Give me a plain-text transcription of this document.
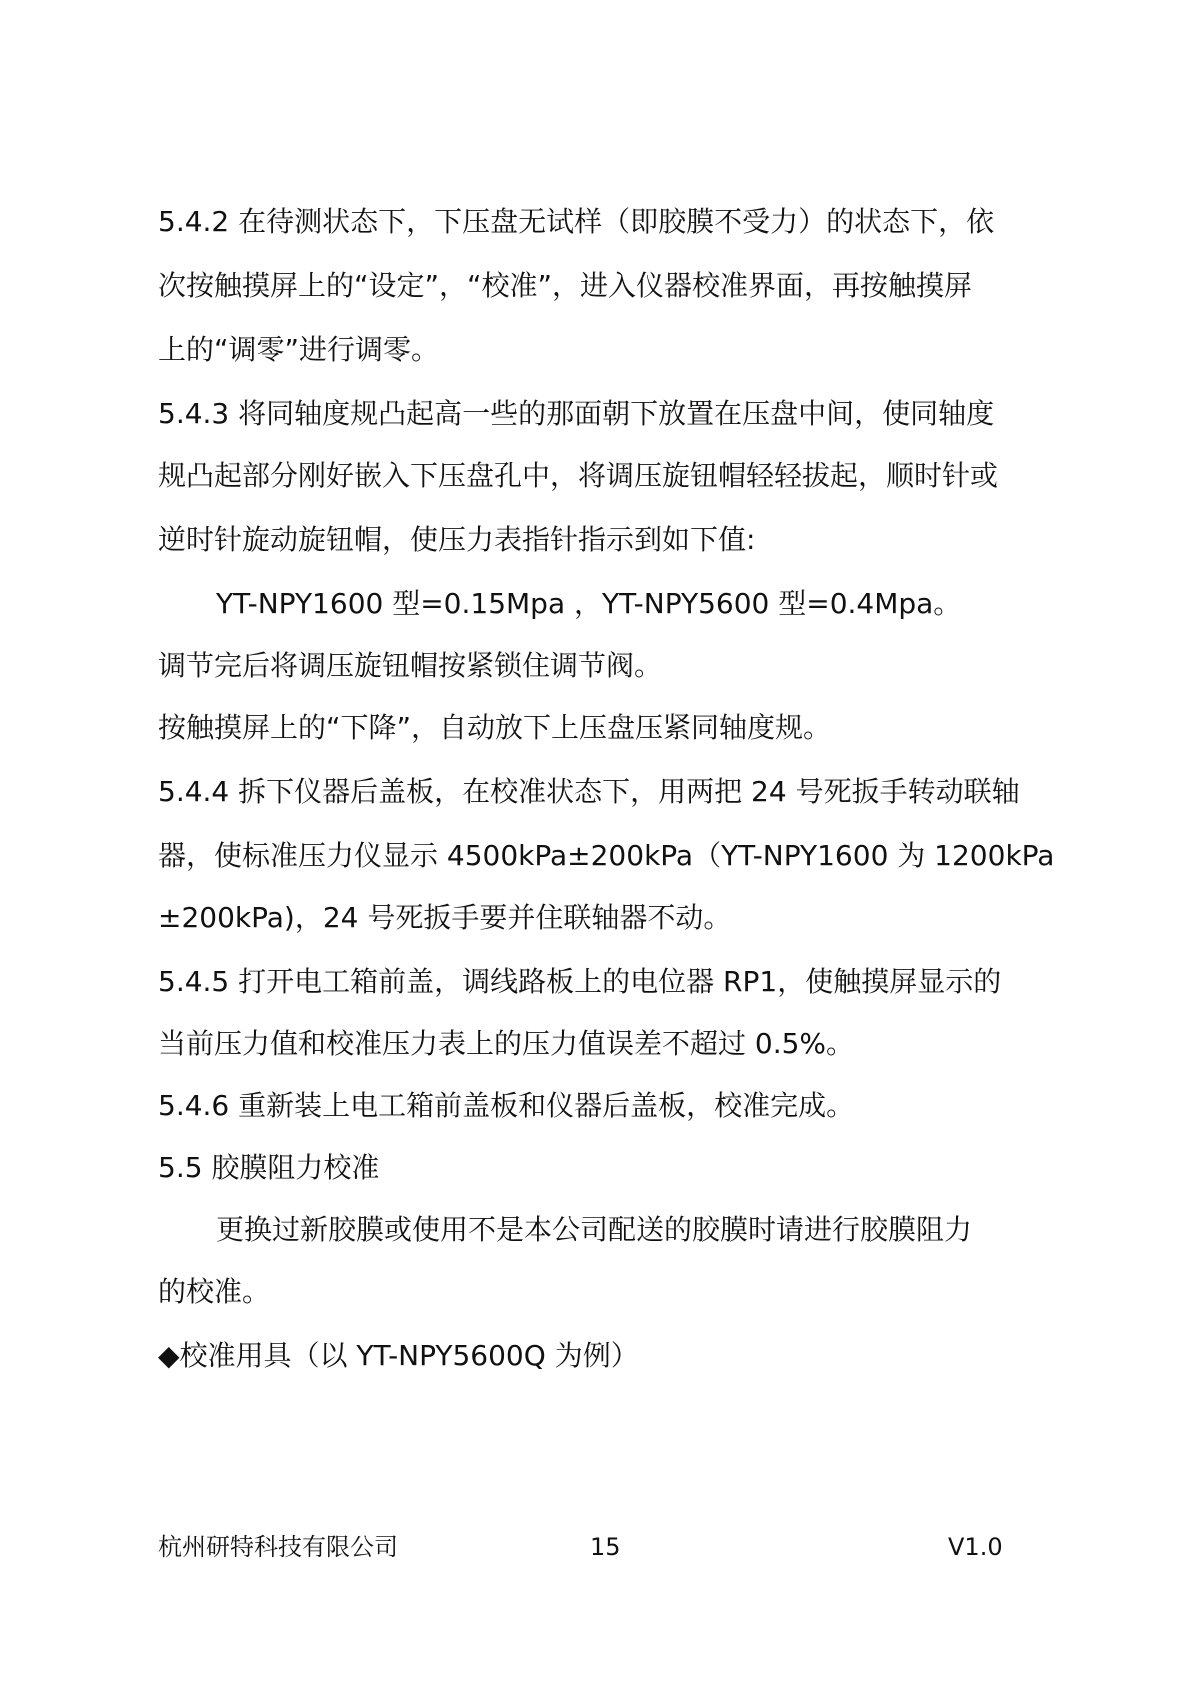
5.4.2 在待测状态下，下压盘无试样（即胶膜不受力）的状态下，依
次按触摸屏上的“设定”，“校准”，进入仪器校准界面，再按触摸屏
上的“调零”进行调零。
5.4.3 将同轴度规凸起高一些的那面朝下放置在压盘中间，使同轴度
规凸起部分刚好嵌入下压盘孔中，将调压旋钮帽轻轻拔起，顺时针或
逆时针旋动旋钮帽，使压力表指针指示到如下值:
YT-NPY1600 型=0.15Mpa ，YT-NPY5600 型=0.4Mpa。
调节完后将调压旋钮帽按紧锁住调节阀。
按触摸屏上的“下降”，自动放下上压盘压紧同轴度规。
5.4.4 拆下仪器后盖板，在校准状态下，用两把 24 号死扳手转动联轴
器，使标准压力仪显示 4500kPa±200kPa（YT-NPY1600 为 1200kPa
±200kPa)，24 号死扳手要并住联轴器不动。
5.4.5 打开电工箱前盖，调线路板上的电位器 RP1，使触摸屏显示的
当前压力值和校准压力表上的压力值误差不超过 0.5%。
5.4.6 重新装上电工箱前盖板和仪器后盖板，校准完成。
5.5 胶膜阻力校准
更换过新胶膜或使用不是本公司配送的胶膜时请进行胶膜阻力
的校准。
◆校准用具（以 YT-NPY5600Q 为例）
杭州研特科技有限公司	15	V1.0
